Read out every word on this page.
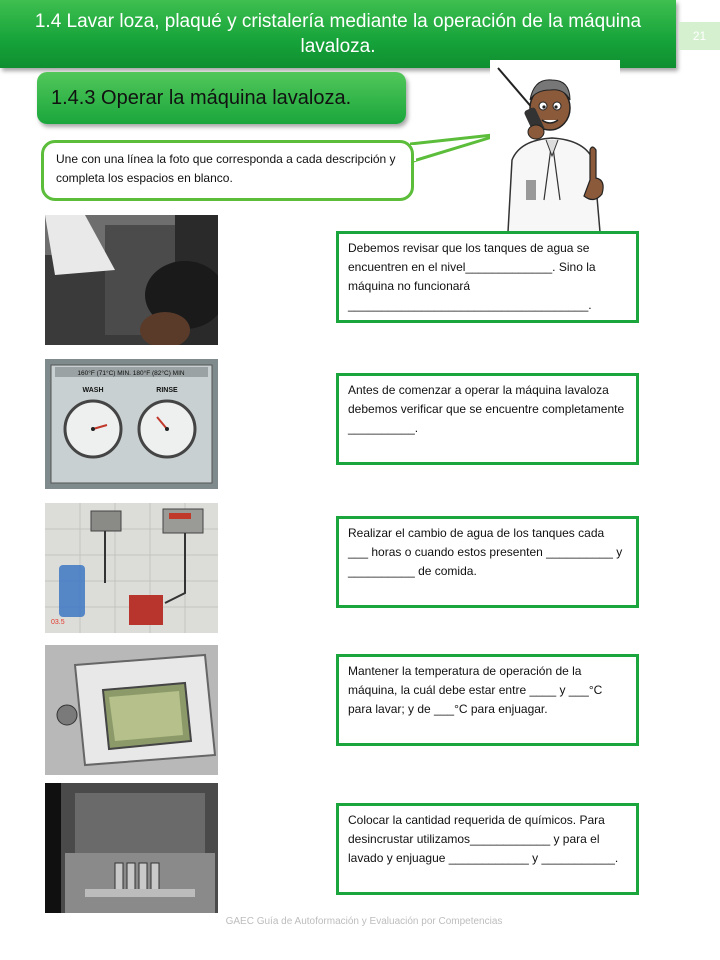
1.4 Lavar loza, plaqué y cristalería mediante la operación de la máquina lavaloza.	21
1.4.3 Operar la máquina lavaloza.

Une con una línea la foto que corresponda a cada descripción y completa los espacios en blanco.

160°F (71°C) MIN. 180°F (82°C) MIN
WASH	RINSE
03.5

Debemos revisar que los tanques de agua se encuentren en el nivel_____________. Sino la máquina no funcionará ____________________________________.

Antes de comenzar a operar la máquina lavaloza debemos verificar que se encuentre completamente __________.

Realizar el cambio de agua de los tanques cada ___ horas o cuando estos presenten __________ y __________ de comida.

Mantener la temperatura de operación de la máquina, la cuál debe estar entre ____ y ___°C para lavar; y de ___°C para enjuagar.

Colocar la cantidad requerida de químicos. Para desincrustar utilizamos____________ y para el lavado y enjuague ____________ y ___________.

GAEC Guía de Autoformación y Evaluación por Competencias
